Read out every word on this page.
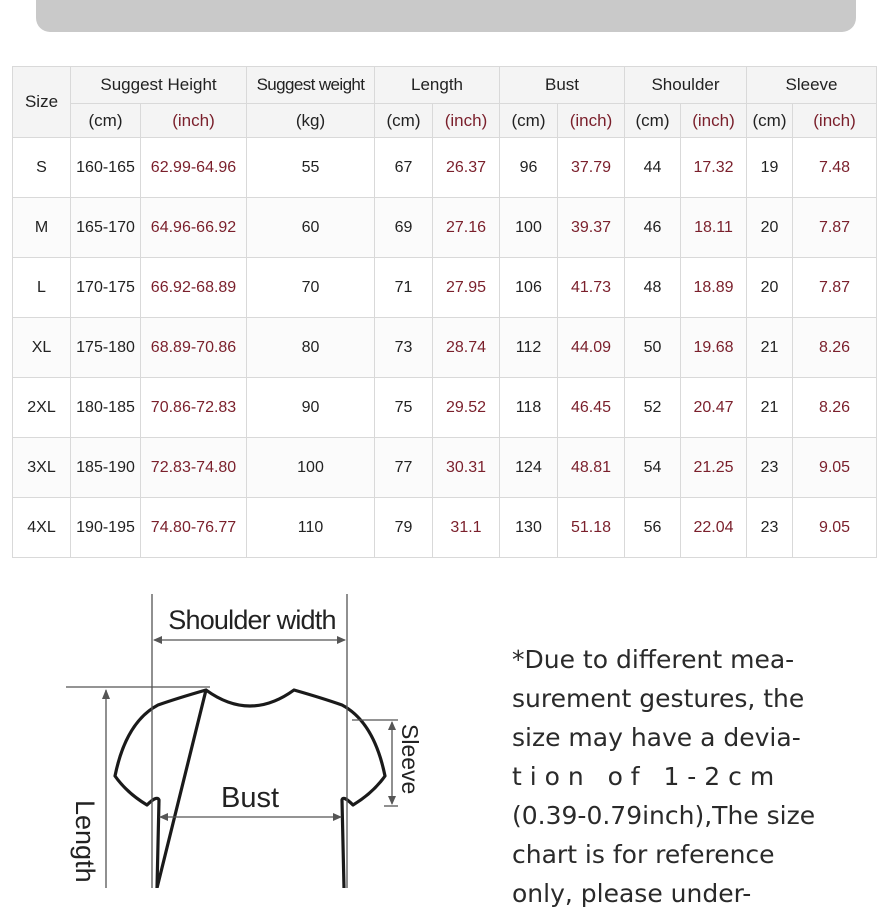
Size	Suggest Height		Suggest weight	Length		Bust		Shoulder		Sleeve	
	(cm)	(inch)	(kg)	(cm)	(inch)	(cm)	(inch)	(cm)	(inch)	(cm)	(inch)
S	160-165	62.99-64.96	55	67	26.37	96	37.79	44	17.32	19	7.48
M	165-170	64.96-66.92	60	69	27.16	100	39.37	46	18.11	20	7.87
L	170-175	66.92-68.89	70	71	27.95	106	41.73	48	18.89	20	7.87
XL	175-180	68.89-70.86	80	73	28.74	112	44.09	50	19.68	21	8.26
2XL	180-185	70.86-72.83	90	75	29.52	118	46.45	52	20.47	21	8.26
3XL	185-190	72.83-74.80	100	77	30.31	124	48.81	54	21.25	23	9.05
4XL	190-195	74.80-76.77	110	79	31.1	130	51.18	56	22.04	23	9.05
Shoulder width
Length
Bust
Sleeve
*Due to different mea-
surement gestures, the
size may have a devia-
t i o n   o f   1 - 2 c m
(0.39-0.79inch),The size
chart is for reference
only, please under-
